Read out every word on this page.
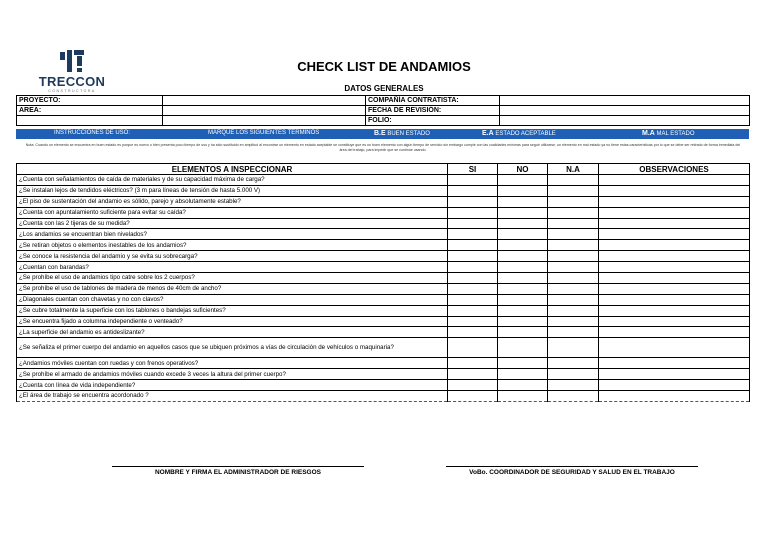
TRECCON
CONSTRUCTORA
CHECK LIST DE ANDAMIOS
DATOS GENERALES
PROYECTO:		COMPAÑÍA CONTRATISTA:	
AREA:		FECHA DE REVISIÓN:	
		FOLIO:	
INSTRUCCIONES DE USO:	MARQUE LOS SIGUIENTES TERMINOS	B.E BUEN ESTADO	E.A ESTADO ACEPTABLE	M.A MAL ESTADO
Nota: Cuando un elemento se encuentra en buen estado es porque es nuevo o bien presenta poco tiempo de uso y ha sido sustituido en amplitud al encontrar un elemento en estado aceptable se constituye que es un buen elemento con algún tiempo de servicio sin embargo cumple con las cualidades mínimas para seguir utilizarse, un elemento en mal estado ya no tiene estas características por lo que se debe ser retirado de forma inmediata del área del trabajo, para impedir que se continúe usando.
ELEMENTOS A INSPECCIONAR	SI	NO	N.A	OBSERVACIONES
¿Cuenta con señalamientos de caída de materiales y de su capacidad máxima de carga?				
¿Se instalan lejos de tendidos eléctricos? (3 m para líneas de tensión de hasta 5.000 V)				
¿El piso de sustentación del andamio es sólido, parejo y absolutamente estable?				
¿Cuenta con apuntalamiento suficiente para evitar su caída?				
¿Cuenta con las 2 tijeras de su medida?				
¿Los andamios se encuentran bien nivelados?				
¿Se retiran objetos o elementos inestables de los andamios?				
¿Se conoce la resistencia del andamio y se evita su sobrecarga?				
¿Cuentan con barandas?				
¿Se prohíbe el uso de andamios tipo catre sobre los 2 cuerpos?				
¿Se prohíbe el uso de tablones de madera de menos de 40cm de ancho?				
¿Diagonales cuentan con chavetas y no con clavos?				
¿Se cubre totalmente la superficie con los tablones o bandejas suficientes?				
¿Se encuentra fijado a columna independiente o venteado?				
¿La superficie del andamio es antideslizante?				
¿Se señaliza el primer cuerpo del andamio en aquellos casos que se ubiquen próximos a vías de circulación de vehículos o maquinaria?				
¿Andamios móviles cuentan con ruedas y con frenos operativos?				
¿Se prohíbe el armado de andamios móviles cuando excede 3 veces la altura del primer cuerpo?				
¿Cuenta con línea de vida independiente?				
¿El área de trabajo se encuentra acordonado ?				
NOMBRE Y FIRMA EL ADMINISTRADOR DE RIESGOS	VoBo. COORDINADOR DE SEGURIDAD Y SALUD EN EL TRABAJO
